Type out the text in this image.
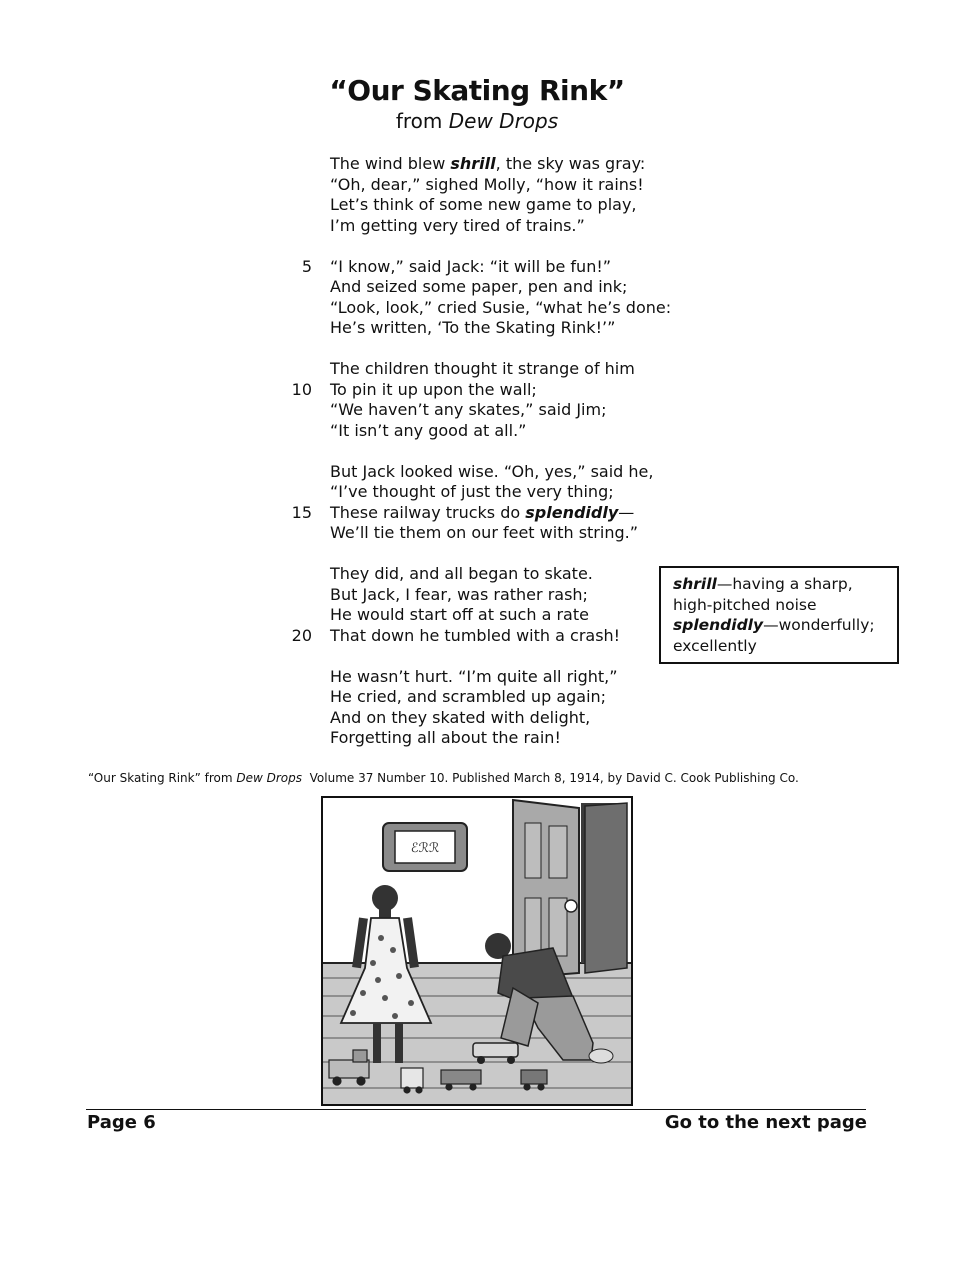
“Our Skating Rink”
from Dew Drops
The wind blew shrill, the sky was gray:
“Oh, dear,” sighed Molly, “how it rains!
Let’s think of some new game to play,
I’m getting very tired of trains.”
5 “I know,” said Jack: “it will be fun!”
And seized some paper, pen and ink;
“Look, look,” cried Susie, “what he’s done:
He’s written, ‘To the Skating Rink!’”
The children thought it strange of him
10 To pin it up upon the wall;
“We haven’t any skates,” said Jim;
“It isn’t any good at all.”
But Jack looked wise. “Oh, yes,” said he,
“I’ve thought of just the very thing;
15 These railway trucks do splendidly—
We’ll tie them on our feet with string.”
They did, and all began to skate.
But Jack, I fear, was rather rash;
He would start off at such a rate
20 That down he tumbled with a crash!
He wasn’t hurt. “I’m quite all right,”
He cried, and scrambled up again;
And on they skated with delight,
Forgetting all about the rain!
shrill—having a sharp, high-pitched noise
splendidly—wonderfully; excellently
“Our Skating Rink” from Dew Drops  Volume 37 Number 10. Published March 8, 1914, by David C. Cook Publishing Co.
ℰℛℛ
Page 6	Go to the next page
